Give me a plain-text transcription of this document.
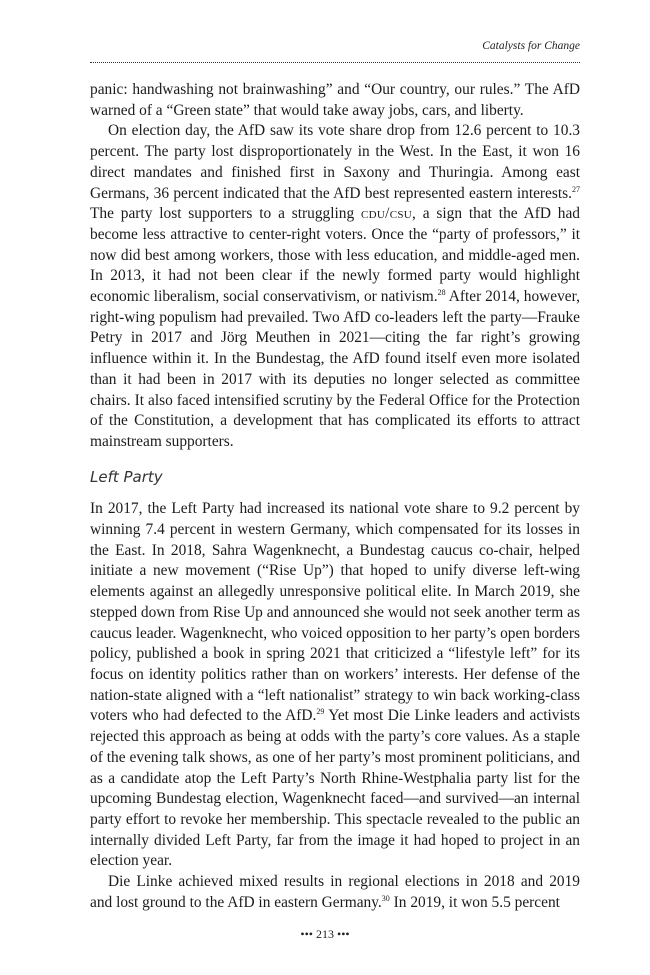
Catalysts for Change

panic: handwashing not brainwashing” and “Our country, our rules.” The AfD warned of a “Green state” that would take away jobs, cars, and liberty.

On election day, the AfD saw its vote share drop from 12.6 percent to 10.3 percent. The party lost disproportionately in the West. In the East, it won 16 direct mandates and finished first in Saxony and Thuringia. Among east Germans, 36 percent indicated that the AfD best represented eastern interests.$^{27}$ The party lost supporters to a struggling cdu/csu, a sign that the AfD had become less attractive to center-right voters. Once the “party of professors,” it now did best among workers, those with less education, and middle-aged men. In 2013, it had not been clear if the newly formed party would highlight economic liberalism, social conservativism, or nativism.$^{28}$ After 2014, however, right-wing populism had prevailed. Two AfD co-leaders left the party—Frauke Petry in 2017 and Jörg Meuthen in 2021—citing the far right’s growing influence within it. In the Bundestag, the AfD found itself even more isolated than it had been in 2017 with its deputies no longer selected as committee chairs. It also faced intensified scrutiny by the Federal Office for the Protection of the Constitution, a development that has complicated its efforts to attract mainstream supporters.

Left Party

In 2017, the Left Party had increased its national vote share to 9.2 percent by winning 7.4 percent in western Germany, which compensated for its losses in the East. In 2018, Sahra Wagenknecht, a Bundestag caucus co-chair, helped initiate a new movement (“Rise Up”) that hoped to unify diverse left-wing elements against an allegedly unresponsive political elite. In March 2019, she stepped down from Rise Up and announced she would not seek another term as caucus leader. Wagenknecht, who voiced opposition to her party’s open borders policy, published a book in spring 2021 that criticized a “lifestyle left” for its focus on identity politics rather than on workers’ interests. Her defense of the nation-state aligned with a “left nationalist” strategy to win back working-class voters who had defected to the AfD.$^{29}$ Yet most Die Linke leaders and activists rejected this approach as being at odds with the party’s core values. As a staple of the evening talk shows, as one of her party’s most prominent politicians, and as a candidate atop the Left Party’s North Rhine-Westphalia party list for the upcoming Bundestag election, Wagenknecht faced—and survived—an internal party effort to revoke her membership. This spectacle revealed to the public an internally divided Left Party, far from the image it had hoped to project in an election year.

Die Linke achieved mixed results in regional elections in 2018 and 2019 and lost ground to the AfD in eastern Germany.$^{30}$ In 2019, it won 5.5 percent

••• 213 •••
